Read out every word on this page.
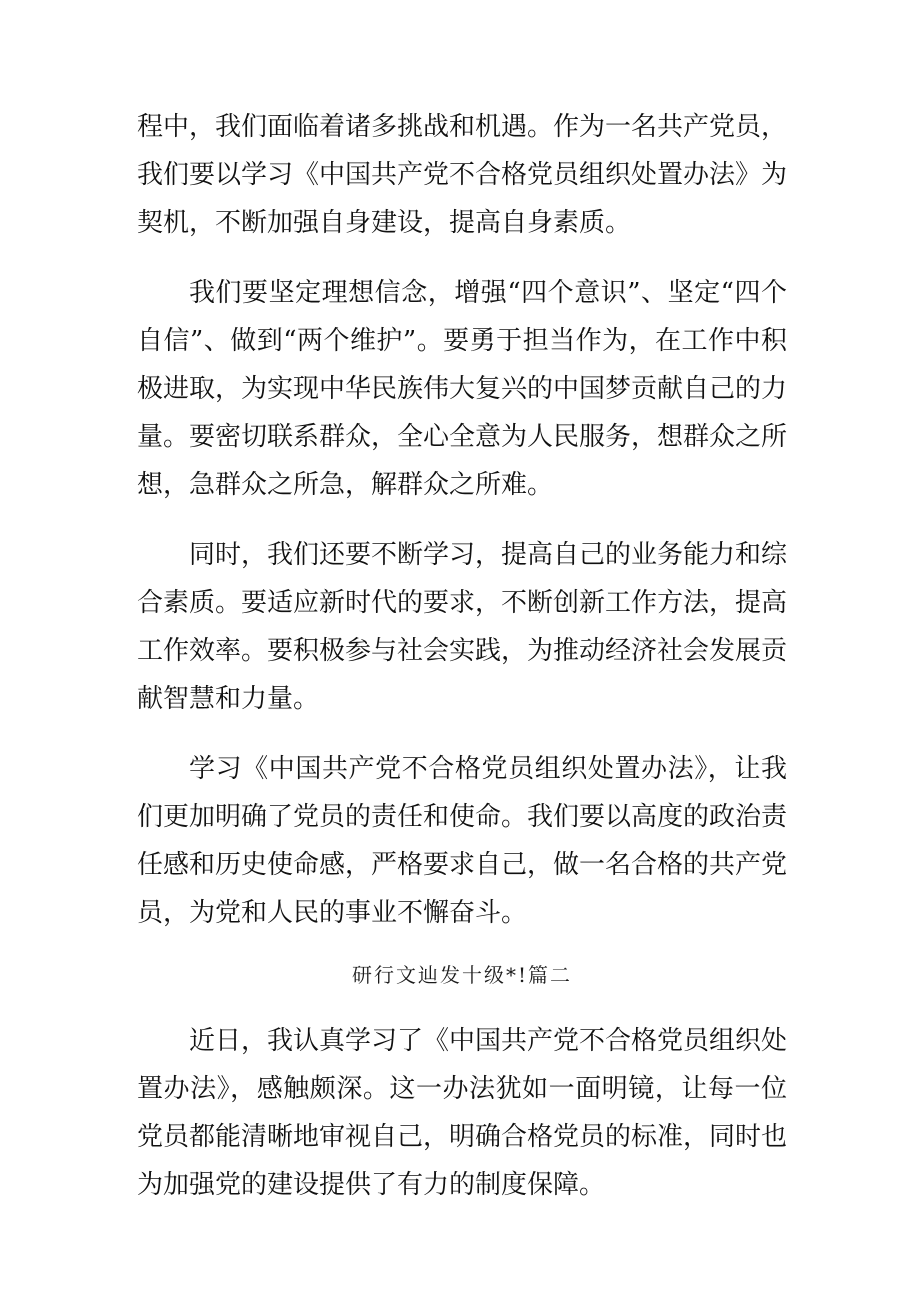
程中，我们面临着诸多挑战和机遇。作为一名共产党员，我们要以学习《中国共产党不合格党员组织处置办法》为契机，不断加强自身建设，提高自身素质。

我们要坚定理想信念，增强“四个意识”、坚定“四个自信”、做到“两个维护”。要勇于担当作为，在工作中积极进取，为实现中华民族伟大复兴的中国梦贡献自己的力量。要密切联系群众，全心全意为人民服务，想群众之所想，急群众之所急，解群众之所难。

同时，我们还要不断学习，提高自己的业务能力和综合素质。要适应新时代的要求，不断创新工作方法，提高工作效率。要积极参与社会实践，为推动经济社会发展贡献智慧和力量。

学习《中国共产党不合格党员组织处置办法》，让我们更加明确了党员的责任和使命。我们要以高度的政治责任感和历史使命感，严格要求自己，做一名合格的共产党员，为党和人民的事业不懈奋斗。

研行文辿发十级*!篇二

近日，我认真学习了《中国共产党不合格党员组织处置办法》，感触颇深。这一办法犹如一面明镜，让每一位党员都能清晰地审视自己，明确合格党员的标准，同时也为加强党的建设提供了有力的制度保障。
